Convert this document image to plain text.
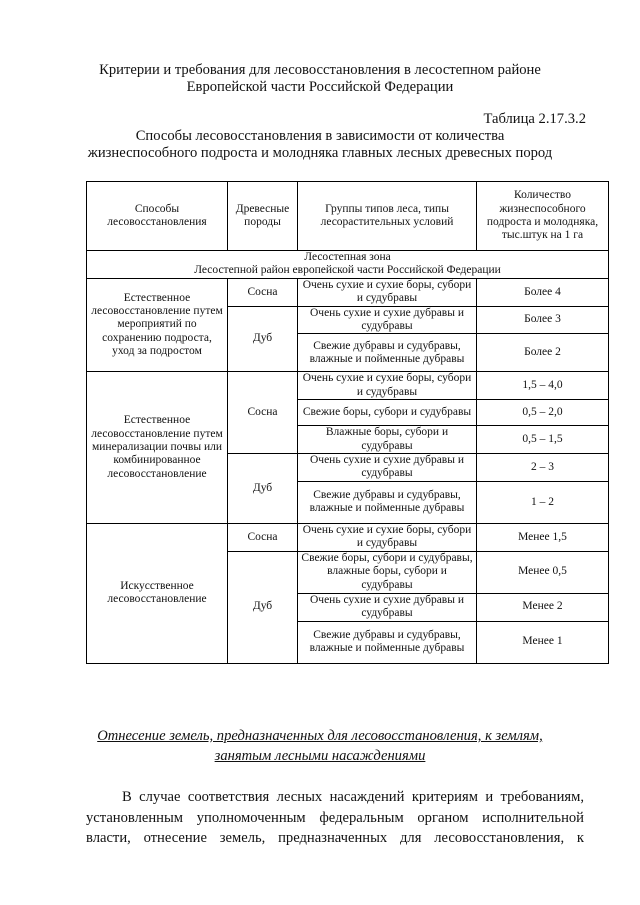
Критерии и требования для лесовосстановления в лесостепном районе
Европейской части Российской Федерации
Таблица 2.17.3.2
Способы лесовосстановления в зависимости от количества
жизнеспособного подроста и молодняка главных лесных древесных пород
Способы лесовосстановления	Древесные породы	Группы типов леса, типы лесорастительных условий	Количество жизнеспособного подроста и молодняка, тыс.штук на 1 га

Лесостепная зона
Лесостепной район европейской части Российской Федерации			

Естественное лесовосстановление путем мероприятий по сохранению подроста, уход за подростом	Сосна	Очень сухие и сухие боры, субори и судубравы	Более 4
	Дуб	Очень сухие и сухие дубравы и судубравы	Более 3
		Свежие дубравы и судубравы, влажные и пойменные дубравы	Более 2
Естественное лесовосстановление путем минерализации почвы или комбинированное лесовосстановление	Сосна	Очень сухие и сухие боры, субори и судубравы	1,5 – 4,0
		Свежие боры, субори и судубравы	0,5 – 2,0
		Влажные боры, субори и судубравы	0,5 – 1,5
	Дуб	Очень сухие и сухие дубравы и судубравы	2 – 3
		Свежие дубравы и судубравы, влажные и пойменные дубравы	1 – 2
Искусственное лесовосстановление	Сосна	Очень сухие и сухие боры, субори и судубравы	Менее 1,5
	Дуб	Свежие боры, субори и судубравы, влажные боры, субори и судубравы	Менее 0,5
		Очень сухие и сухие дубравы и судубравы	Менее 2
		Свежие дубравы и судубравы, влажные и пойменные дубравы	Менее 1
Отнесение земель, предназначенных для лесовосстановления, к землям,
занятым лесными насаждениями
В случае соответствия лесных насаждений критериям и требованиям,
установленным уполномоченным федеральным органом исполнительной
власти, отнесение земель, предназначенных для лесовосстановления, к
